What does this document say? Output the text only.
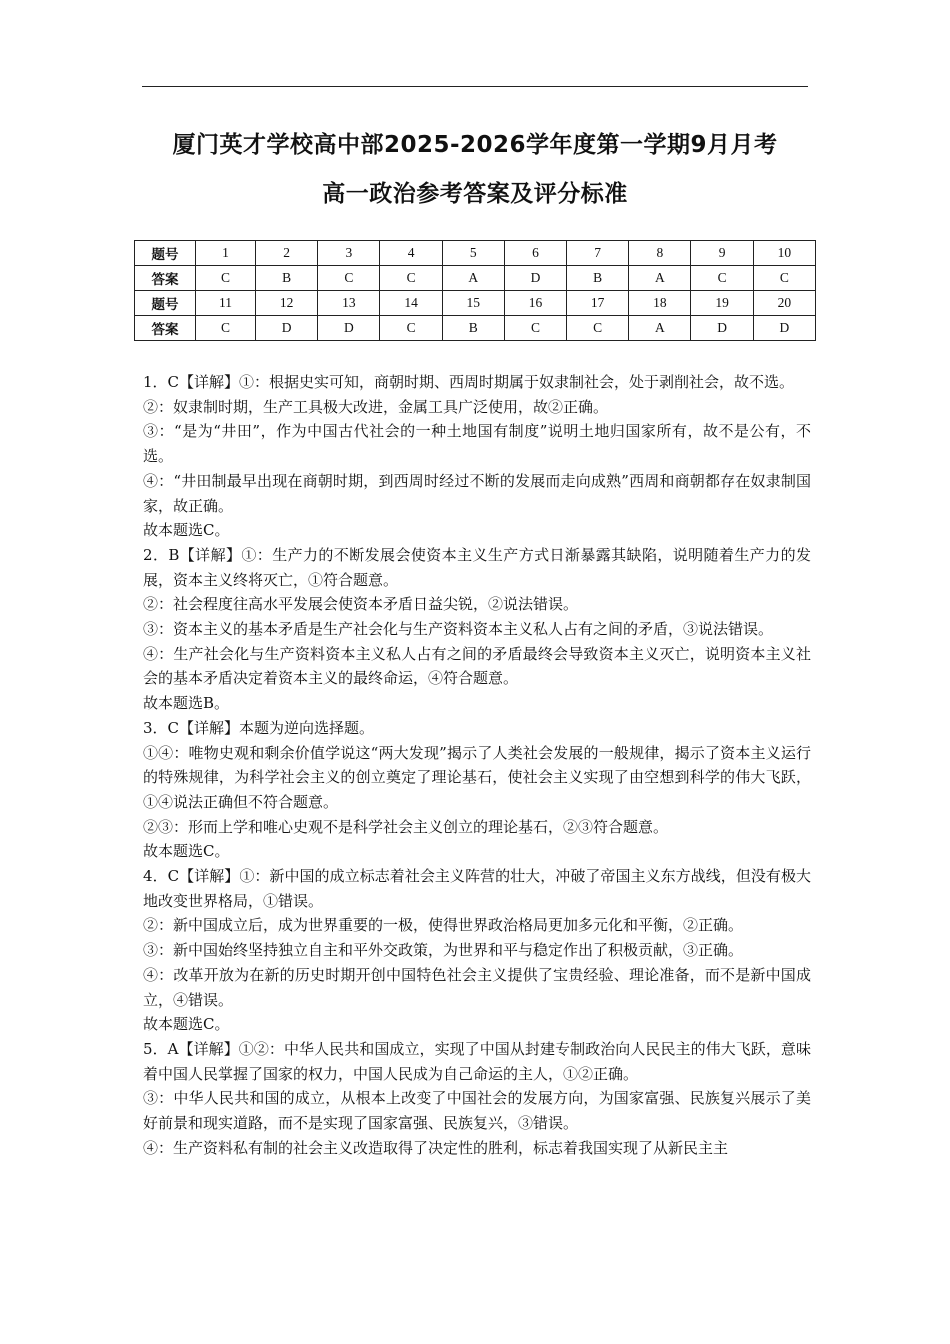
厦门英才学校高中部2025-2026学年度第一学期9月月考
高一政治参考答案及评分标准
题号	1	2	3	4	5	6	7	8	9	10
答案	C	B	C	C	A	D	B	A	C	C
题号	11	12	13	14	15	16	17	18	19	20
答案	C	D	D	C	B	C	C	A	D	D

1．C【详解】①：根据史实可知，商朝时期、西周时期属于奴隶制社会，处于剥削社会，故不选。

②：奴隶制时期，生产工具极大改进，金属工具广泛使用，故②正确。

③：“是为“井田”，作为中国古代社会的一种土地国有制度”说明土地归国家所有，故不是公有，不选。

④：“井田制最早出现在商朝时期，到西周时经过不断的发展而走向成熟”西周和商朝都存在奴隶制国家，故正确。

故本题选C。

2．B【详解】①：生产力的不断发展会使资本主义生产方式日渐暴露其缺陷，说明随着生产力的发展，资本主义终将灭亡，①符合题意。

②：社会程度往高水平发展会使资本矛盾日益尖锐，②说法错误。

③：资本主义的基本矛盾是生产社会化与生产资料资本主义私人占有之间的矛盾，③说法错误。

④：生产社会化与生产资料资本主义私人占有之间的矛盾最终会导致资本主义灭亡，说明资本主义社会的基本矛盾决定着资本主义的最终命运，④符合题意。

故本题选B。

3．C【详解】本题为逆向选择题。

①④：唯物史观和剩余价值学说这“两大发现”揭示了人类社会发展的一般规律，揭示了资本主义运行的特殊规律，为科学社会主义的创立奠定了理论基石，使社会主义实现了由空想到科学的伟大飞跃，①④说法正确但不符合题意。

②③：形而上学和唯心史观不是科学社会主义创立的理论基石，②③符合题意。

故本题选C。

4．C【详解】①：新中国的成立标志着社会主义阵营的壮大，冲破了帝国主义东方战线，但没有极大地改变世界格局，①错误。

②：新中国成立后，成为世界重要的一极，使得世界政治格局更加多元化和平衡，②正确。

③：新中国始终坚持独立自主和平外交政策，为世界和平与稳定作出了积极贡献，③正确。

④：改革开放为在新的历史时期开创中国特色社会主义提供了宝贵经验、理论准备，而不是新中国成立，④错误。

故本题选C。

5．A【详解】①②：中华人民共和国成立，实现了中国从封建专制政治向人民民主的伟大飞跃，意味着中国人民掌握了国家的权力，中国人民成为自己命运的主人，①②正确。

③：中华人民共和国的成立，从根本上改变了中国社会的发展方向，为国家富强、民族复兴展示了美好前景和现实道路，而不是实现了国家富强、民族复兴，③错误。

④：生产资料私有制的社会主义改造取得了决定性的胜利，标志着我国实现了从新民主主
